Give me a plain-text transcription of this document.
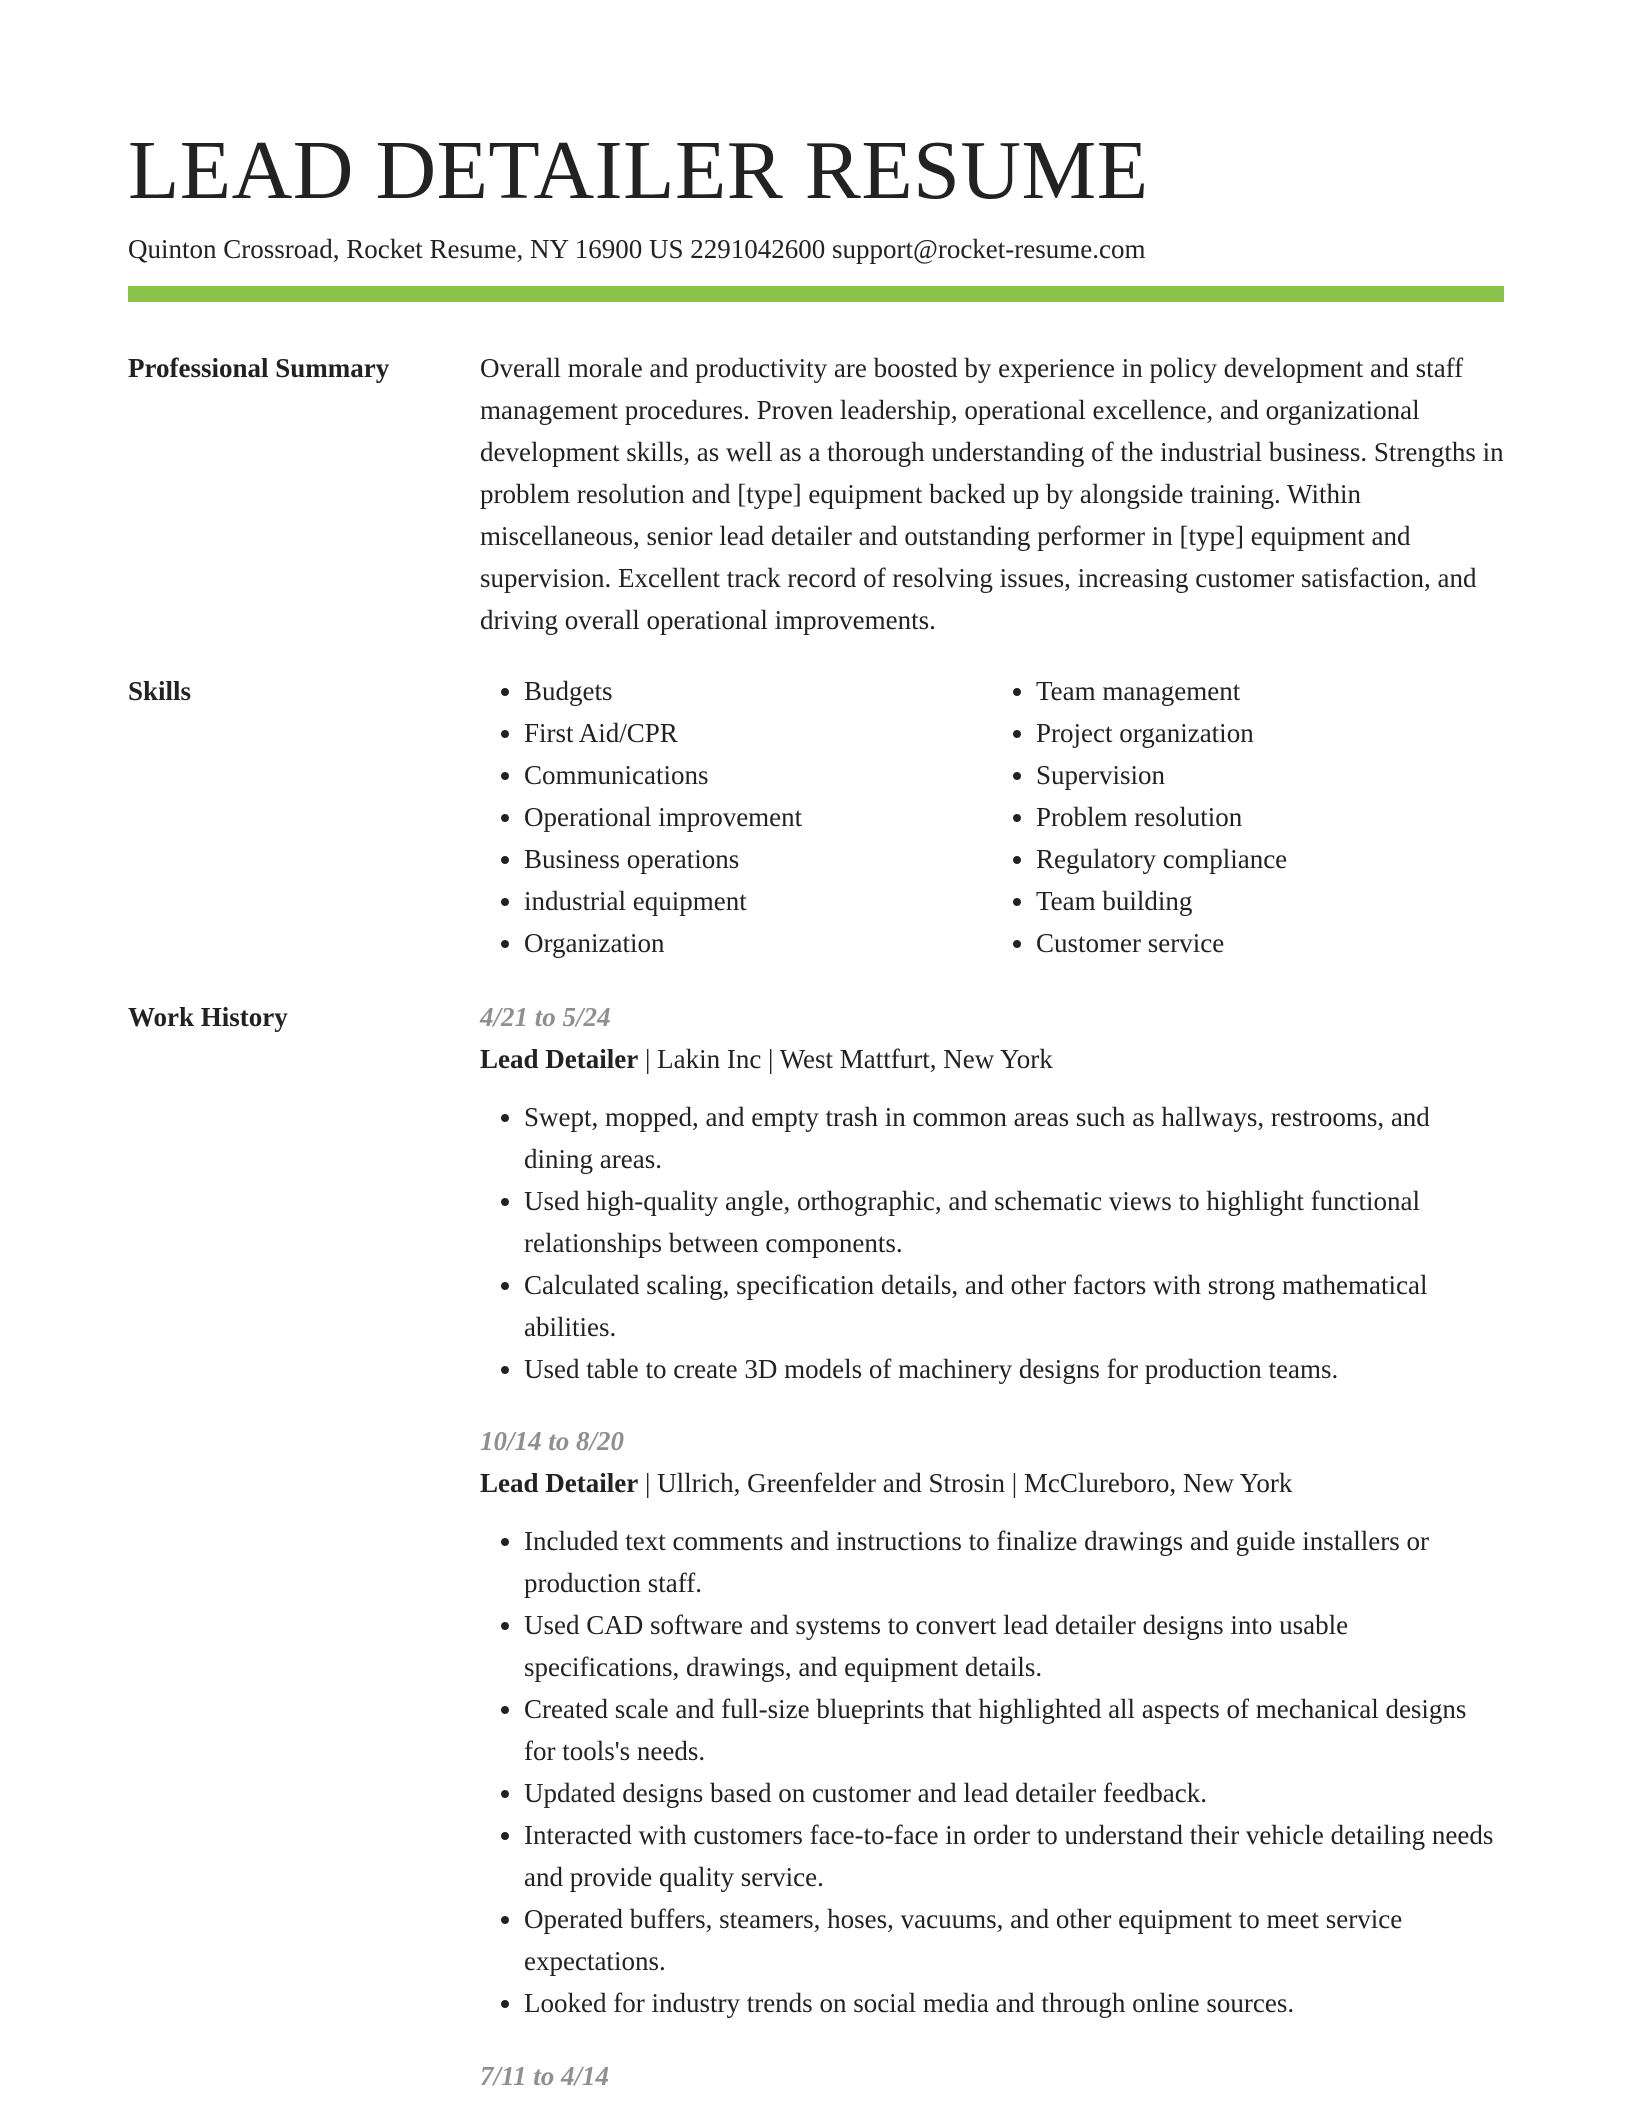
LEAD DETAILER RESUME
Quinton Crossroad, Rocket Resume, NY 16900 US 2291042600 support@rocket-resume.com
Professional Summary	Overall morale and productivity are boosted by experience in policy development and staff management procedures. Proven leadership, operational excellence, and organizational development skills, as well as a thorough understanding of the industrial business. Strengths in problem resolution and [type] equipment backed up by alongside training. Within miscellaneous, senior lead detailer and outstanding performer in [type] equipment and supervision. Excellent track record of resolving issues, increasing customer satisfaction, and driving overall operational improvements.

Skills
•	Budgets
• First Aid/CPR
• Communications
• Operational improvement
• Business operations
• industrial equipment
• Organization
• Team management
• Project organization
• Supervision
• Problem resolution
• Regulatory compliance
• Team building
• Customer service
Work History	4/21 to 5/24
Lead Detailer | Lakin Inc | West Mattfurt, New York
• Swept, mopped, and empty trash in common areas such as hallways, restrooms, and dining areas.
• Used high-quality angle, orthographic, and schematic views to highlight functional relationships between components.
• Calculated scaling, specification details, and other factors with strong mathematical abilities.
• Used table to create 3D models of machinery designs for production teams.
10/14 to 8/20
Lead Detailer | Ullrich, Greenfelder and Strosin | McClureboro, New York
• Included text comments and instructions to finalize drawings and guide installers or production staff.
• Used CAD software and systems to convert lead detailer designs into usable specifications, drawings, and equipment details.
• Created scale and full-size blueprints that highlighted all aspects of mechanical designs for tools's needs.
• Updated designs based on customer and lead detailer feedback.
• Interacted with customers face-to-face in order to understand their vehicle detailing needs and provide quality service.
• Operated buffers, steamers, hoses, vacuums, and other equipment to meet service expectations.
• Looked for industry trends on social media and through online sources.
7/11 to 4/14
